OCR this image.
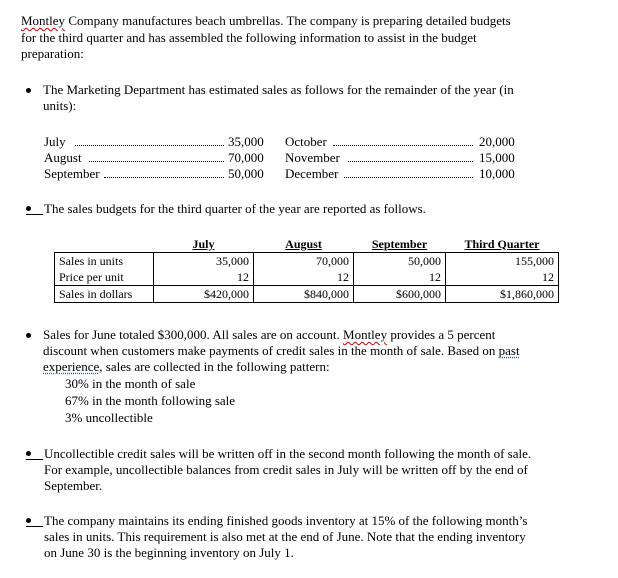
Montley Company manufactures beach umbrellas. The company is preparing detailed budgets
for the third quarter and has assembled the following information to assist in the budget
preparation:
The Marketing Department has estimated sales as follows for the remainder of the year (in
units):
July	35,000
August	70,000
September	50,000
October	20,000
November	15,000
December	10,000
The sales budgets for the third quarter of the year are reported as follows.
	July	August	September	Third Quarter
Sales in units	35,000	70,000	50,000	155,000
Price per unit	12	12	12	12
Sales in dollars	$420,000	$840,000	$600,000	$1,860,000
Sales for June totaled $300,000. All sales are on account. Montley provides a 5 percent
discount when customers make payments of credit sales in the month of sale. Based on past
experience, sales are collected in the following pattern:
30% in the month of sale
67% in the month following sale
3% uncollectible
Uncollectible credit sales will be written off in the second month following the month of sale.
For example, uncollectible balances from credit sales in July will be written off by the end of
September.
The company maintains its ending finished goods inventory at 15% of the following month’s
sales in units. This requirement is also met at the end of June. Note that the ending inventory
on June 30 is the beginning inventory on July 1.
